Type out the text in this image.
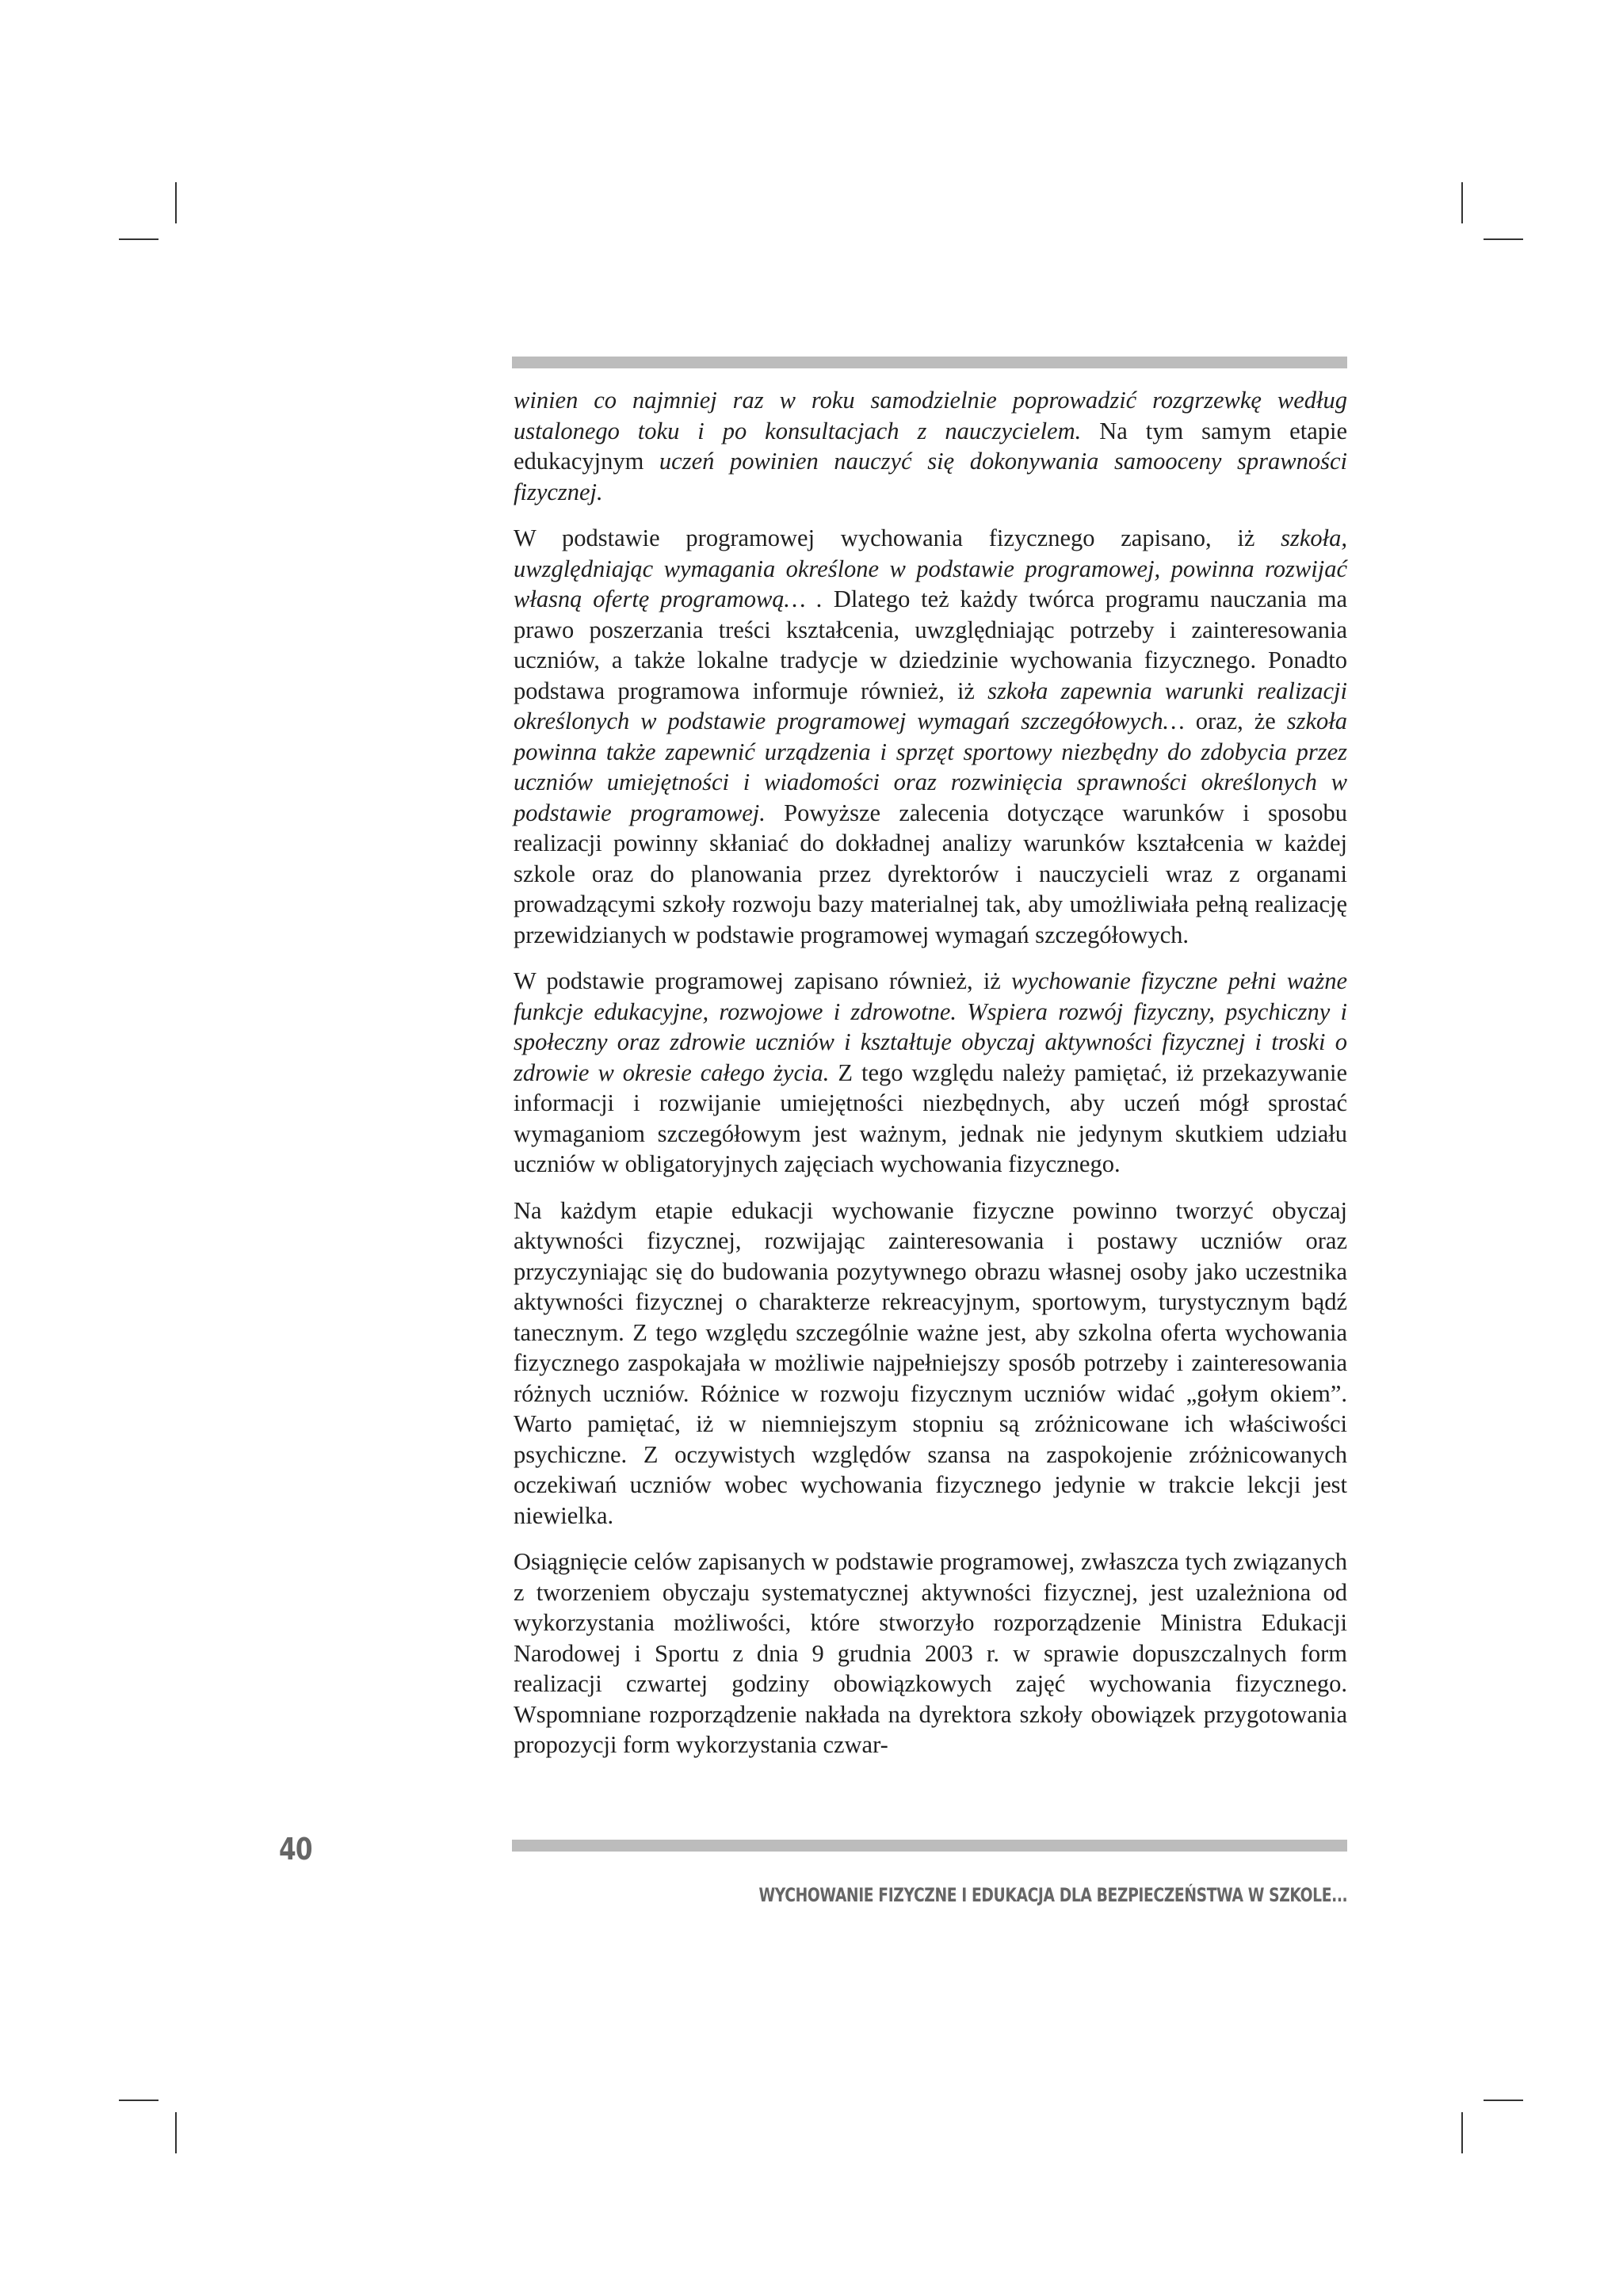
winien co najmniej raz w roku samodzielnie poprowadzić rozgrzewkę według ustalonego toku i po konsultacjach z nauczycielem. Na tym samym etapie edukacyjnym uczeń powinien nauczyć się dokonywania samooceny sprawności fizycznej.

W podstawie programowej wychowania fizycznego zapisano, iż szkoła, uwzględniając wymagania określone w podstawie programowej, powinna rozwijać własną ofertę programową… . Dlatego też każdy twórca programu nauczania ma prawo poszerzania treści kształcenia, uwzględniając potrzeby i zainteresowania uczniów, a także lokalne tradycje w dziedzinie wychowania fizycznego. Ponadto podstawa programowa informuje również, iż szkoła zapewnia warunki realizacji określonych w podstawie programowej wymagań szczegółowych… oraz, że szkoła powinna także zapewnić urządzenia i sprzęt sportowy niezbędny do zdobycia przez uczniów umiejętności i wiadomości oraz rozwinięcia sprawności określonych w podstawie programowej. Powyższe zalecenia dotyczące warunków i sposobu realizacji powinny skłaniać do dokładnej analizy warunków kształcenia w każdej szkole oraz do planowania przez dyrektorów i nauczycieli wraz z organami prowadzącymi szkoły rozwoju bazy materialnej tak, aby umożliwiała pełną realizację przewidzianych w podstawie programowej wymagań szczegółowych.

W podstawie programowej zapisano również, iż wychowanie fizyczne pełni ważne funkcje edukacyjne, rozwojowe i zdrowotne. Wspiera rozwój fizyczny, psychiczny i społeczny oraz zdrowie uczniów i kształtuje obyczaj aktywności fizycznej i troski o zdrowie w okresie całego życia. Z tego względu należy pamiętać, iż przekazywanie informacji i rozwijanie umiejętności niezbędnych, aby uczeń mógł sprostać wymaganiom szczegółowym jest ważnym, jednak nie jedynym skutkiem udziału uczniów w obligatoryjnych zajęciach wychowania fizycznego.

Na każdym etapie edukacji wychowanie fizyczne powinno tworzyć obyczaj aktywności fizycznej, rozwijając zainteresowania i postawy uczniów oraz przyczyniając się do budowania pozytywnego obrazu własnej osoby jako uczestnika aktywności fizycznej o charakterze rekreacyjnym, sportowym, turystycznym bądź tanecznym. Z tego względu szczególnie ważne jest, aby szkolna oferta wychowania fizycznego zaspokajała w możliwie najpełniejszy sposób potrzeby i zainteresowania różnych uczniów. Różnice w rozwoju fizycznym uczniów widać „gołym okiem”. Warto pamiętać, iż w niemniejszym stopniu są zróżnicowane ich właściwości psychiczne. Z oczywistych względów szansa na zaspokojenie zróżnicowanych oczekiwań uczniów wobec wychowania fizycznego jedynie w trakcie lekcji jest niewielka.

Osiągnięcie celów zapisanych w podstawie programowej, zwłaszcza tych związanych z tworzeniem obyczaju systematycznej aktywności fizycznej, jest uzależniona od wykorzystania możliwości, które stworzyło rozporządzenie Ministra Edukacji Narodowej i Sportu z dnia 9 grudnia 2003 r. w sprawie dopuszczalnych form realizacji czwartej godziny obowiązkowych zajęć wychowania fizycznego. Wspomniane rozporządzenie nakłada na dyrektora szkoły obowiązek przygotowania propozycji form wykorzystania czwar-

40
WYCHOWANIE FIZYCZNE I EDUKACJA DLA BEZPIECZEŃSTWA W SZKOLE...
